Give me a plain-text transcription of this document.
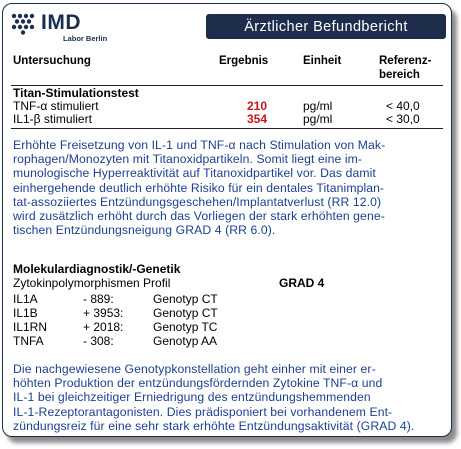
IMD
Labor Berlin
Ärztlicher Befundbericht
Untersuchung	Ergebnis	Einheit	Referenz-
bereich
Titan-Stimulationstest
TNF-α stimuliert	210	pg/ml	< 40,0
IL1-β stimuliert	354	pg/ml	< 30,0
Erhöhte Freisetzung von IL-1 und TNF-α nach Stimulation von Mak-
rophagen/Monozyten mit Titanoxidpartikeln. Somit liegt eine im-
munologische Hyperreaktivität auf Titanoxidpartikel vor. Das damit
einhergehende deutlich erhöhte Risiko für ein dentales Titanimplan-
tat-assoziiertes Entzündungsgeschehen/Implantatverlust (RR 12.0)
wird zusätzlich erhöht durch das Vorliegen der stark erhöhten gene-
tischen Entzündungsneigung GRAD 4 (RR 6.0).
Molekulardiagnostik/-Genetik
Zytokinpolymorphismen Profil	GRAD 4
IL1A	- 889:	Genotyp CT
IL1B	+ 3953: Genotyp CT
IL1RN	+ 2018: Genotyp TC
TNFA	- 308:	Genotyp AA
Die nachgewiesene Genotypkonstellation geht einher mit einer er-
höhten Produktion der entzündungsfördernden Zytokine TNF-α und
IL-1 bei gleichzeitiger Erniedrigung des entzündungshemmenden
IL-1-Rezeptorantagonisten. Dies prädisponiert bei vorhandenem Ent-
zündungsreiz für eine sehr stark erhöhte Entzündungsaktivität (GRAD 4).
